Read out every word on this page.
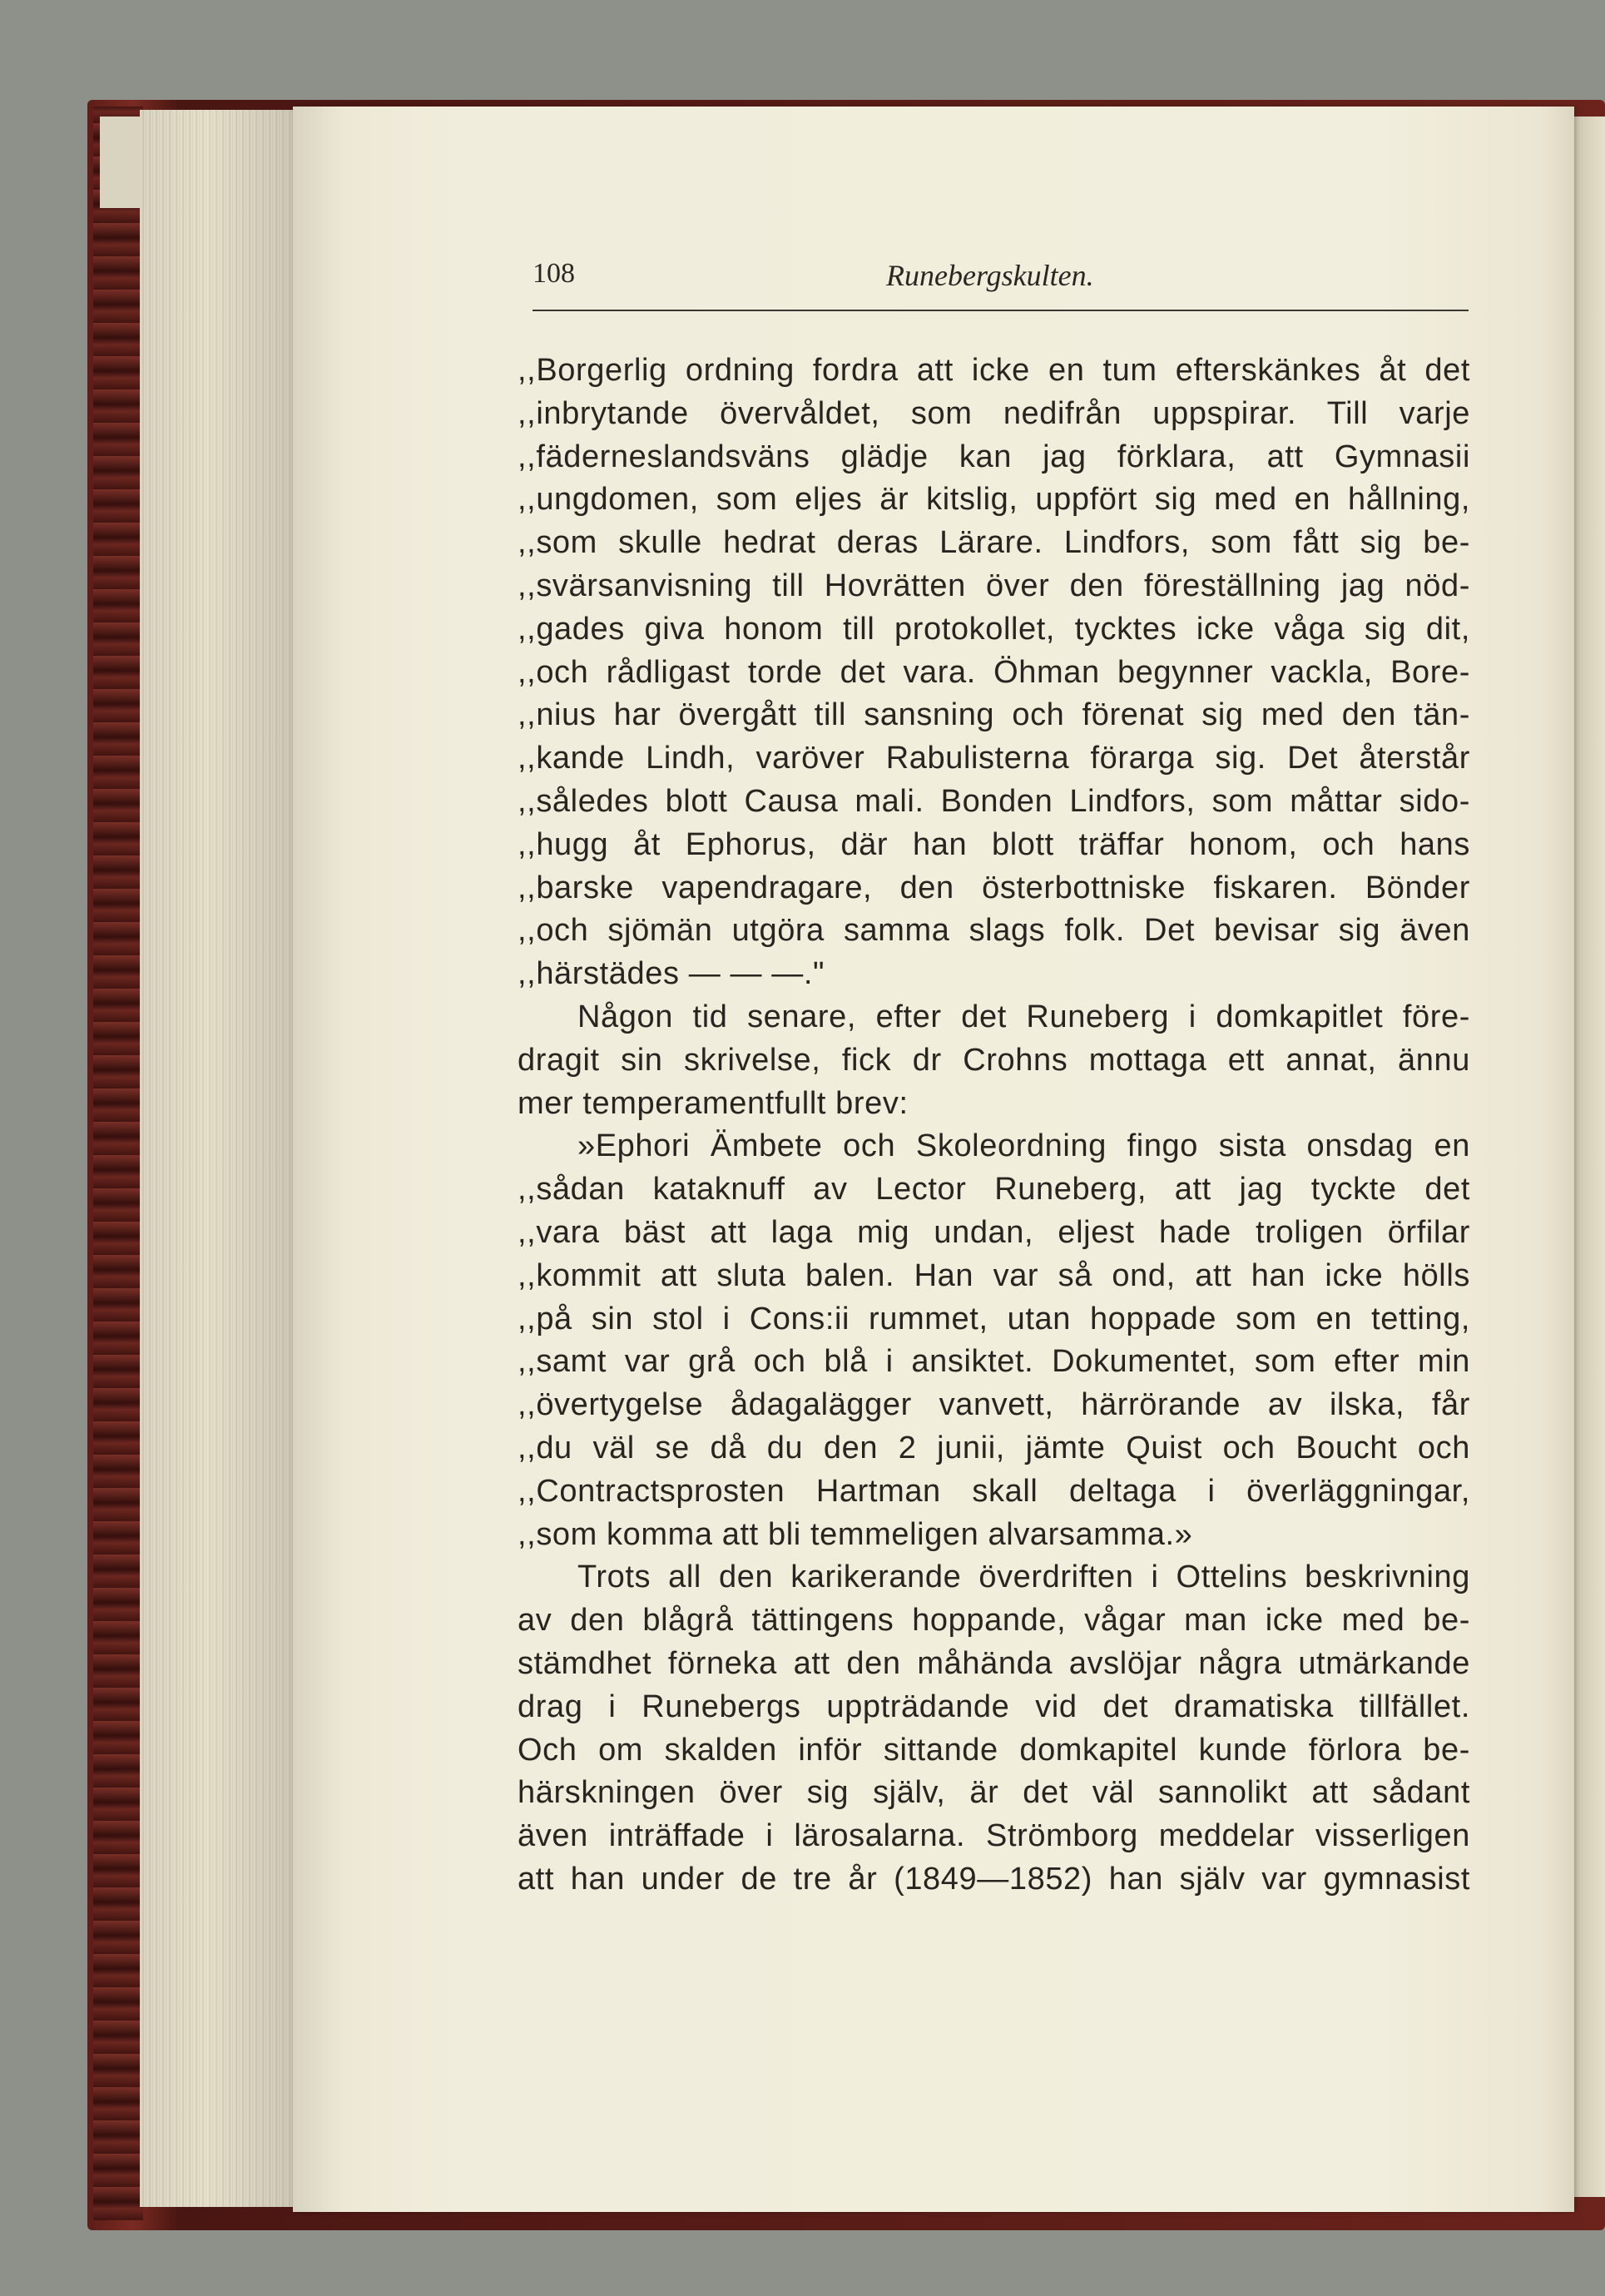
108	Runebergskulten.
,,Borgerlig ordning fordra att icke en tum efterskänkes åt det
,,inbrytande övervåldet, som nedifrån uppspirar. Till varje
,,fäderneslandsväns glädje kan jag förklara, att Gymnasii
,,ungdomen, som eljes är kitslig, uppfört sig med en hållning,
,,som skulle hedrat deras Lärare. Lindfors, som fått sig be-
,,svärsanvisning till Hovrätten över den föreställning jag nöd-
,,gades giva honom till protokollet, tycktes icke våga sig dit,
,,och rådligast torde det vara. Öhman begynner vackla, Bore-
,,nius har övergått till sansning och förenat sig med den tän-
,,kande Lindh, varöver Rabulisterna förarga sig. Det återstår
,,således blott Causa mali. Bonden Lindfors, som måttar sido-
,,hugg åt Ephorus, där han blott träffar honom, och hans
,,barske vapendragare, den österbottniske fiskaren. Bönder
,,och sjömän utgöra samma slags folk. Det bevisar sig även
,,härstädes — — —."
Någon tid senare, efter det Runeberg i domkapitlet före-
dragit sin skrivelse, fick dr Crohns mottaga ett annat, ännu
mer temperamentfullt brev:
»Ephori Ämbete och Skoleordning fingo sista onsdag en
,,sådan kataknuff av Lector Runeberg, att jag tyckte det
,,vara bäst att laga mig undan, eljest hade troligen örfilar
,,kommit att sluta balen. Han var så ond, att han icke hölls
,,på sin stol i Cons:ii rummet, utan hoppade som en tetting,
,,samt var grå och blå i ansiktet. Dokumentet, som efter min
,,övertygelse ådagalägger vanvett, härrörande av ilska, får
,,du väl se då du den 2 junii, jämte Quist och Boucht och
,,Contractsprosten Hartman skall deltaga i överläggningar,
,,som komma att bli temmeligen alvarsamma.»
Trots all den karikerande överdriften i Ottelins beskrivning
av den blågrå tättingens hoppande, vågar man icke med be-
stämdhet förneka att den måhända avslöjar några utmärkande
drag i Runebergs uppträdande vid det dramatiska tillfället.
Och om skalden inför sittande domkapitel kunde förlora be-
härskningen över sig själv, är det väl sannolikt att sådant
även inträffade i lärosalarna. Strömborg meddelar visserligen
att han under de tre år (1849—1852) han själv var gymnasist
